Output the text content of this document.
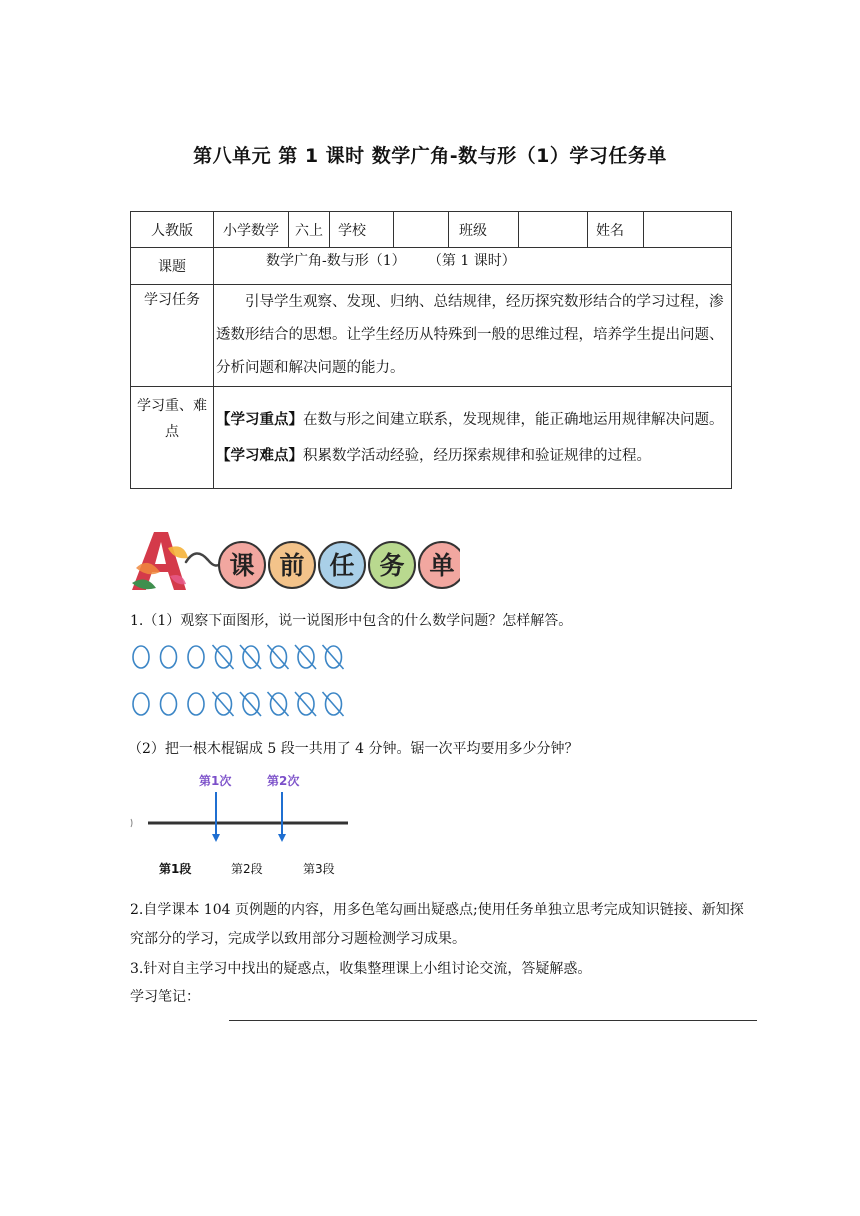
第八单元 第 1 课时 数学广角-数与形（1）学习任务单
人教版	小学数学	六上	学校		班级		姓名	
课题	数学广角-数与形（1）     （第 1 课时）							
学习任务	　　引导学生观察、发现、归纳、总结规律，经历探究数形结合的学习过程，渗透数形结合的思想。让学生经历从特殊到一般的思维过程，培养学生提出问题、分析问题和解决问题的能力。							
学习重、难点	【学习重点】在数与形之间建立联系，发现规律，能正确地运用规律解决问题。
【学习难点】积累数学活动经验，经历探索规律和验证规律的过程。							
课 前 任 务 单
1.（1）观察下面图形，说一说图形中包含的什么数学问题？怎样解答。
（2）把一根木棍锯成 5 段一共用了 4 分钟。锯一次平均要用多少分钟？
第1次	第2次
第1段	第2段	第3段
2.自学课本 104 页例题的内容，用多色笔勾画出疑惑点;使用任务单独立思考完成知识链接、新知探究部分的学习，完成学以致用部分习题检测学习成果。
3.针对自主学习中找出的疑惑点，收集整理课上小组讨论交流，答疑解惑。
学习笔记：
